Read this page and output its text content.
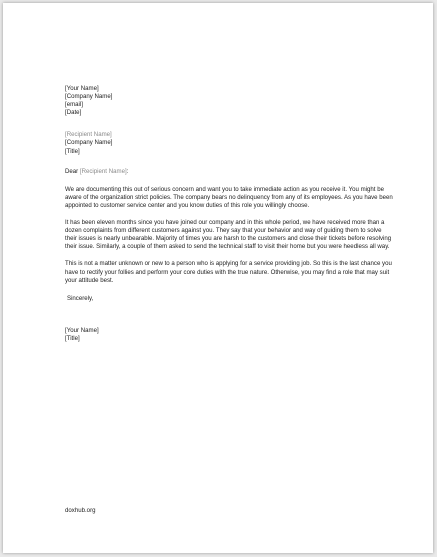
[Your Name]
[Company Name]
[email]
[Date]
[Recipient Name]
[Company Name]
[Title]

Dear [Recipient Name]:

We are documenting this out of serious concern and want you to take immediate action as you receive it. You might be aware of the organization strict policies. The company bears no delinquency from any of its employees. As you have been appointed to customer service center and you know duties of this role you willingly choose.

It has been eleven months since you have joined our company and in this whole period, we have received more than a dozen complaints from different customers against you. They say that your behavior and way of guiding them to solve their issues is nearly unbearable. Majority of times you are harsh to the customers and close their tickets before resolving their issue. Similarly, a couple of them asked to send the technical staff to visit their home but you were heedless all way.

This is not a matter unknown or new to a person who is applying for a service providing job. So this is the last chance you have to rectify your follies and perform your core duties with the true nature. Otherwise, you may find a role that may suit your attitude best.

Sincerely,

[Your Name]
[Title]
doxhub.org
